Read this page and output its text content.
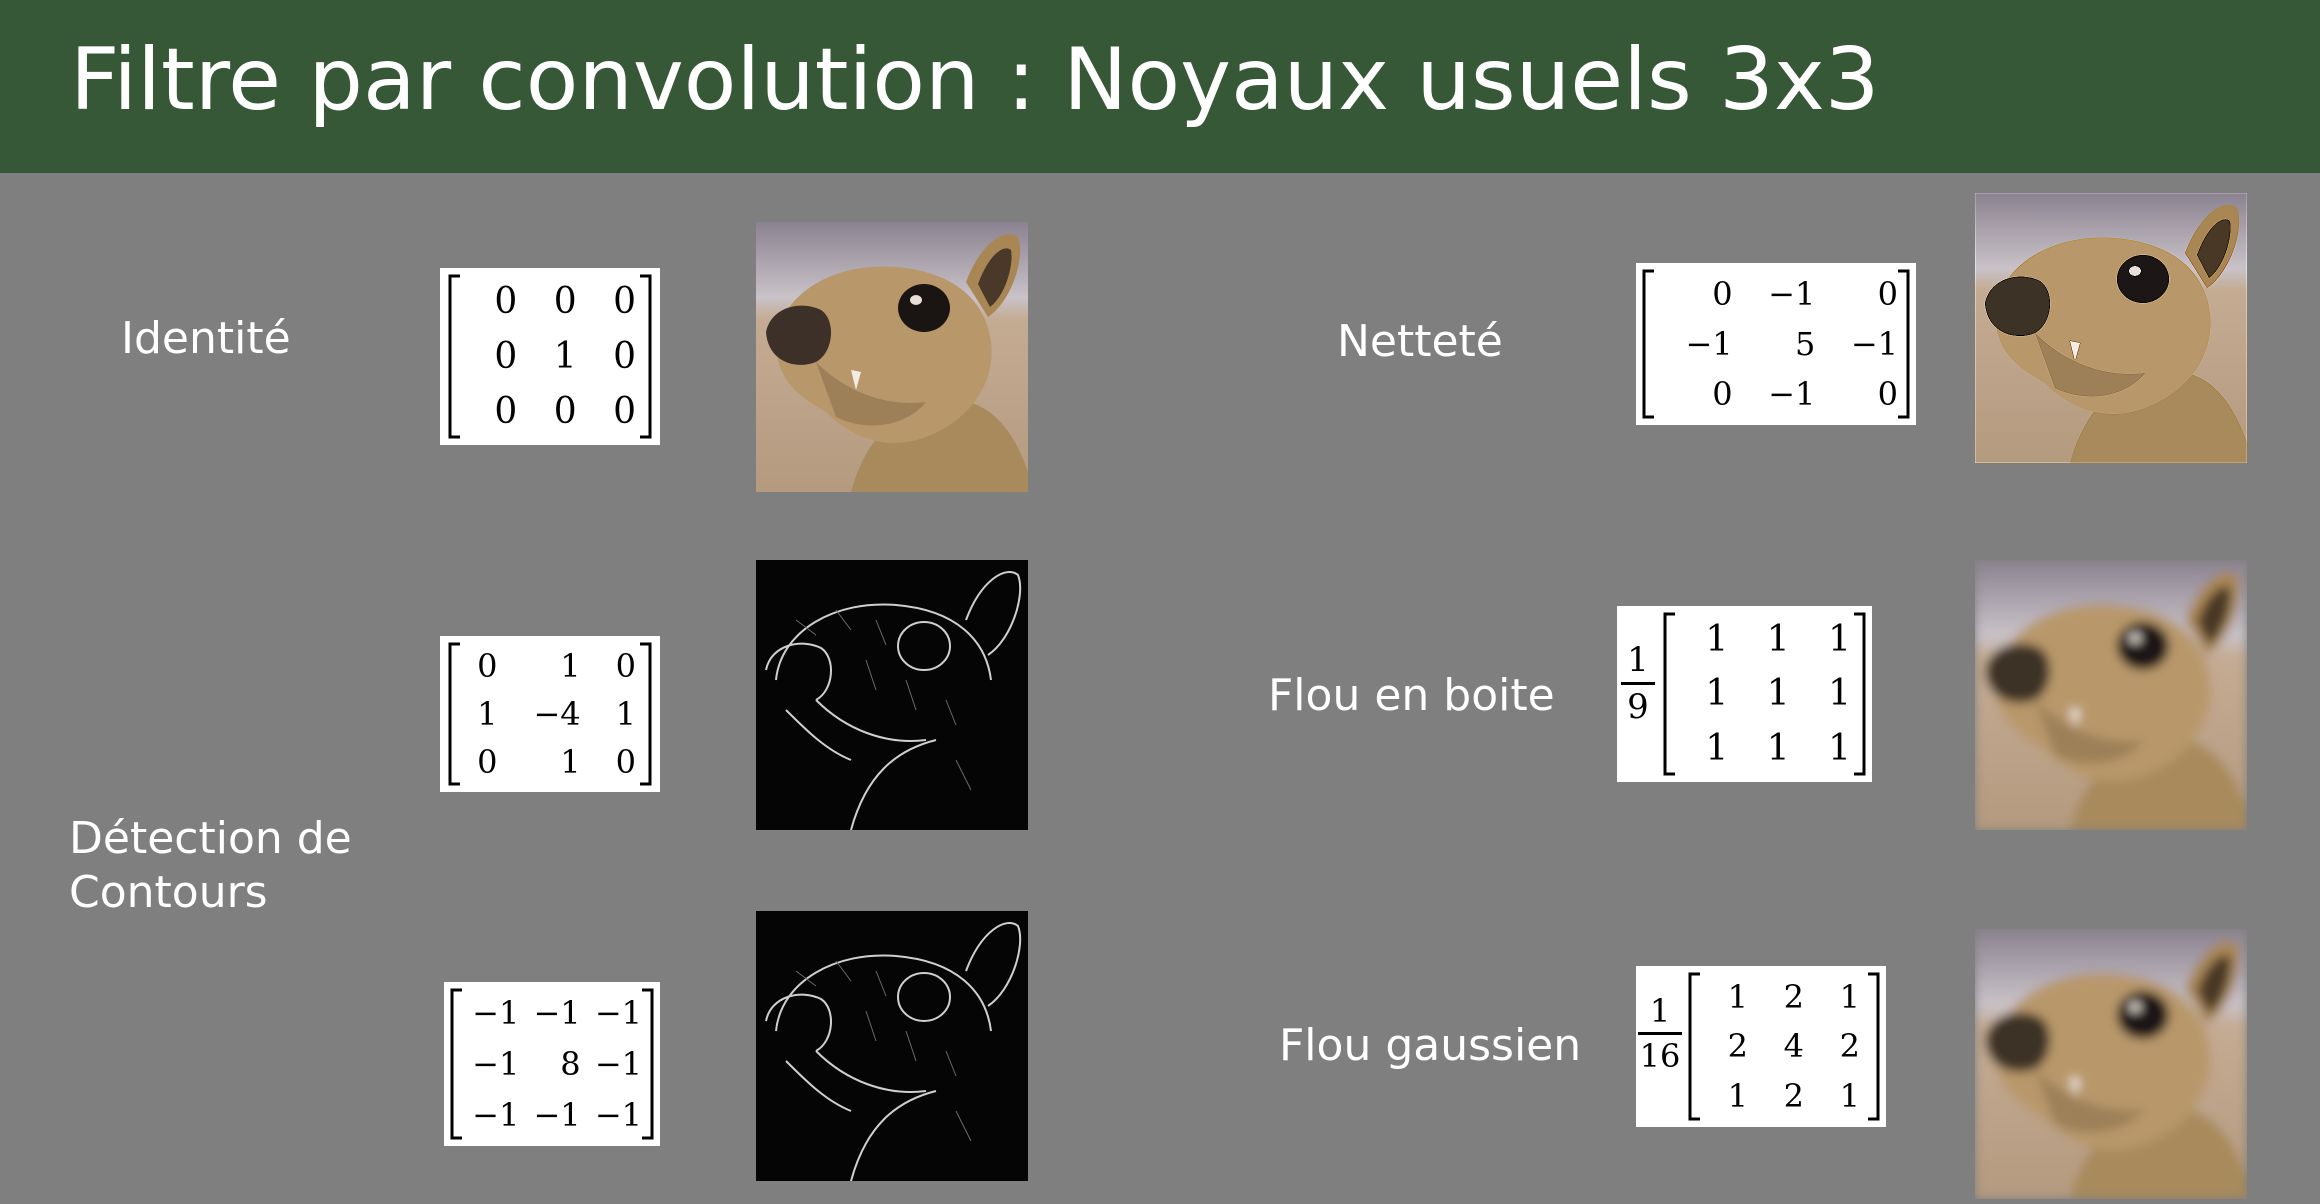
Filtre par convolution : Noyaux usuels 3x3
Identité
0 0 0
0 1 0
0 0 0
0 1 0
1 −4 1
0 1 0
Détection de
Contours
−1 −1 −1
−1 8 −1
−1 −1 −1
Netteté
0 −1 0
−1 5 −1
0 −1 0
Flou en boite
1
9
1 1 1
1 1 1
1 1 1
Flou gaussien
1
16
1 2 1
2 4 2
1 2 1
